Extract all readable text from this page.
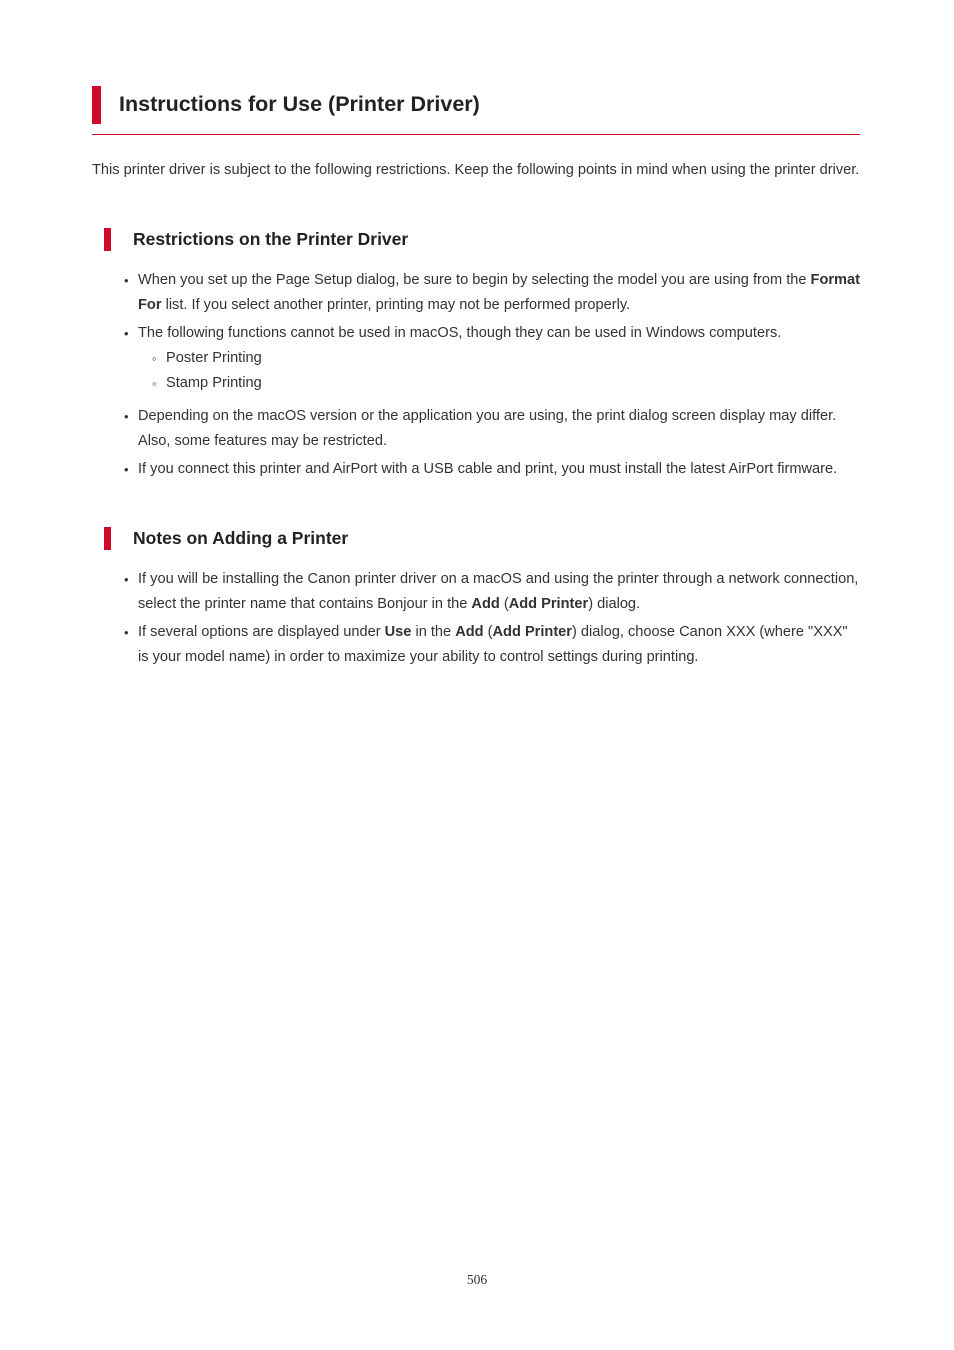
Instructions for Use (Printer Driver)

This printer driver is subject to the following restrictions. Keep the following points in mind when using the printer driver.

Restrictions on the Printer Driver
• When you set up the Page Setup dialog, be sure to begin by selecting the model you are using from the Format For list. If you select another printer, printing may not be performed properly.
• The following functions cannot be used in macOS, though they can be used in Windows computers.
◦ Poster Printing
◦ Stamp Printing
• Depending on the macOS version or the application you are using, the print dialog screen display may differ.
Also, some features may be restricted.
• If you connect this printer and AirPort with a USB cable and print, you must install the latest AirPort firmware.
Notes on Adding a Printer
• If you will be installing the Canon printer driver on a macOS and using the printer through a network connection, select the printer name that contains Bonjour in the Add (Add Printer) dialog.
• If several options are displayed under Use in the Add (Add Printer) dialog, choose Canon XXX (where "XXX" is your model name) in order to maximize your ability to control settings during printing.
506
